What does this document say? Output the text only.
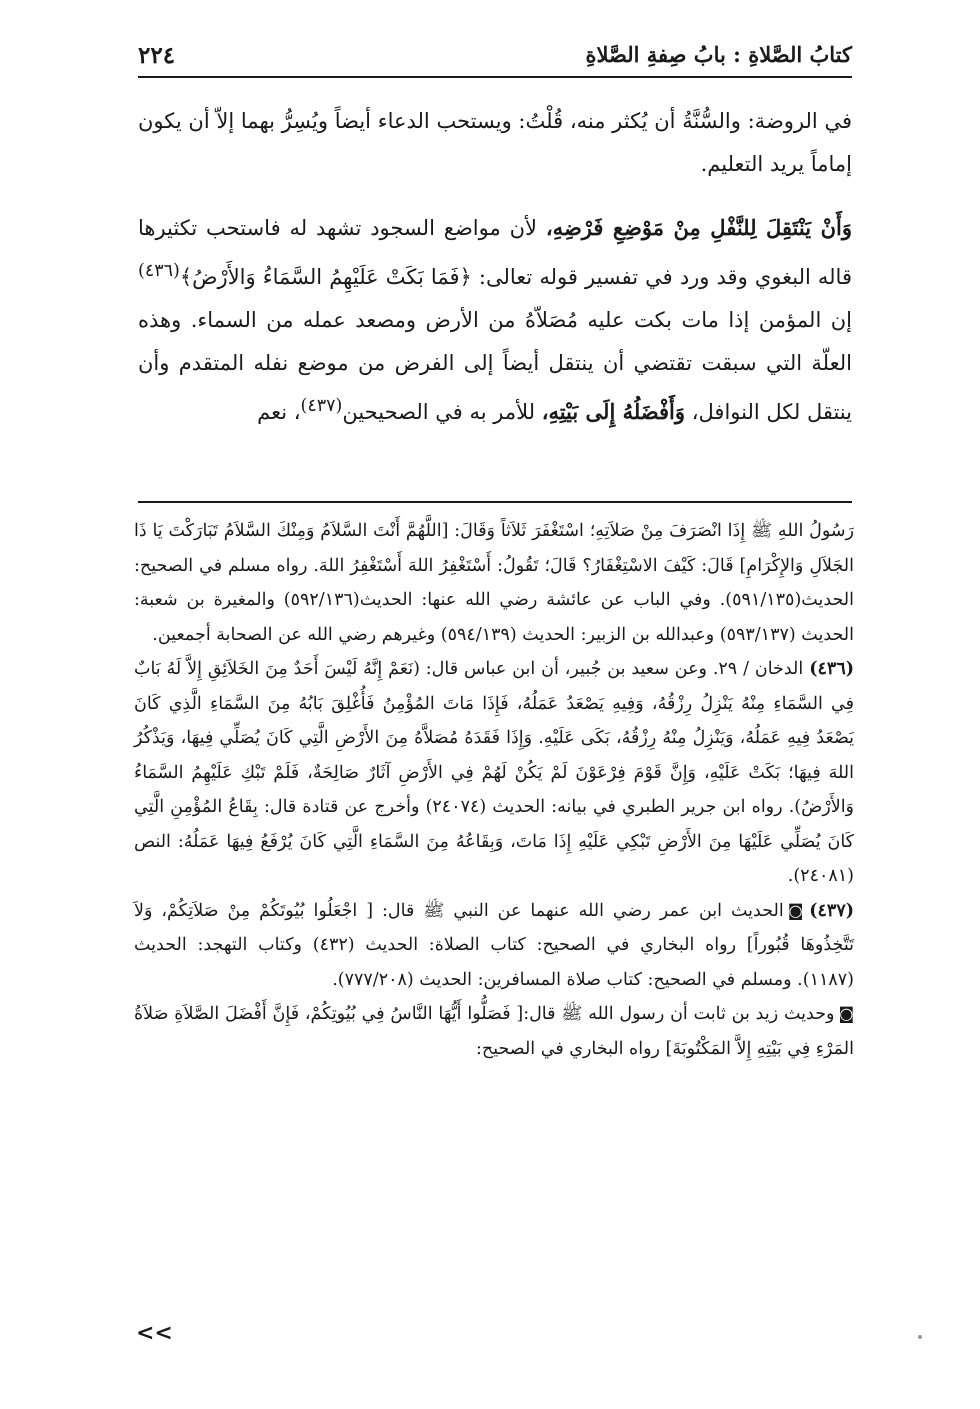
كتابُ الصَّلاةِ : بابُ صِفةِ الصَّلاةِ
٢٢٤

في الروضة: والسُّنَّةُ أن يُكثر منه، قُلْتُ: ويستحب الدعاء أيضاً ويُسِرُّ بهما إلاّ أن يكون إماماً يريد التعليم.

وَأَنْ يَنْتَقِلَ لِلنَّفْلِ مِنْ مَوْضِعِ فَرْضِهِ، لأن مواضع السجود تشهد له فاستحب تكثيرها قاله البغوي وقد ورد في تفسير قوله تعالى: ﴿فَمَا بَكَتْ عَلَيْهِمُ السَّمَاءُ وَالأَرْضُ﴾$^{(٤٣٦)}$ إن المؤمن إذا مات بكت عليه مُصَلاّهُ من الأرض ومصعد عمله من السماء. وهذه العلّة التي سبقت تقتضي أن ينتقل أيضاً إلى الفرض من موضع نفله المتقدم وأن ينتقل لكل النوافل، وَأَفْضَلُهُ إِلَى بَيْتِهِ، للأمر به في الصحيحين$^{(٤٣٧)}$، نعم

رَسُولُ اللهِ ﷺ إِذَا انْصَرَفَ مِنْ صَلاَتِهِ؛ اسْتَغْفَرَ ثَلاَثاً وَقَالَ: [اللَّهُمَّ أَنْتَ السَّلاَمُ وَمِنْكَ السَّلاَمُ تَبَارَكْتَ يَا ذَا الجَلاَلِ وَالإِكْرَامِ] قَالَ: كَيْفَ الاسْتِغْفَارُ؟ قَالَ؛ تَقُولُ: أَسْتَغْفِرُ اللهَ أَسْتَغْفِرُ اللهَ. رواه مسلم في الصحيح: الحديث(٥٩١/١٣٥). وفي الباب عن عائشة رضي الله عنها: الحديث(٥٩٢/١٣٦) والمغيرة بن شعبة: الحديث (٥٩٣/١٣٧) وعبدالله بن الزبير: الحديث (٥٩٤/١٣٩) وغيرهم رضي الله عن الصحابة أجمعين.

(٤٣٦)الدخان / ٢٩. وعن سعيد بن جُبير، أن ابن عباس قال: (نَعَمْ إِنَّهُ لَيْسَ أَحَدٌ مِنَ الخَلاَئِقِ إِلاَّ لَهُ بَابٌ فِي السَّمَاءِ مِنْهُ يَنْزِلُ رِزْقُهُ، وَفِيهِ يَصْعَدُ عَمَلُهُ، فَإِذَا مَاتَ المُؤْمِنُ فَأُغْلِقَ بَابُهُ مِنَ السَّمَاءِ الَّذِي كَانَ يَصْعَدُ فِيهِ عَمَلُهُ، وَيَنْزِلُ مِنْهُ رِزْقُهُ، بَكَى عَلَيْهِ. وَإِذَا فَقَدَهُ مُصَلاَّهُ مِنَ الأَرْضِ الَّتِي كَانَ يُصَلِّي فِيهَا، وَيَذْكُرُ اللهَ فِيهَا؛ بَكَتْ عَلَيْهِ، وَإِنَّ قَوْمَ فِرْعَوْنَ لَمْ يَكُنْ لَهُمْ فِي الأَرْضِ آثَارٌ صَالِحَةٌ، فَلَمْ تَبْكِ عَلَيْهِمُ السَّمَاءُ وَالأَرْضُ). رواه ابن جرير الطبري في بيانه: الحديث (٢٤٠٧٤) وأخرج عن قتادة قال: بِقَاعُ المُؤْمِنِ الَّتِي كَانَ يُصَلِّي عَلَيْهَا مِنَ الأَرْضِ تَبْكِي عَلَيْهِ إِذَا مَاتَ، وَبِقَاعُهُ مِنَ السَّمَاءِ الَّتِي كَانَ يُرْفَعُ فِيهَا عَمَلُهُ: النص (٢٤٠٨١).

(٤٣٧)◙الحديث ابن عمر رضي الله عنهما عن النبي ﷺ قال: [ اجْعَلُوا بُيُوتَكُمْ مِنْ صَلاَتِكُمْ، وَلاَ تَتَّخِذُوهَا قُبُوراً] رواه البخاري في الصحيح: كتاب الصلاة: الحديث (٤٣٢) وكتاب التهجد: الحديث (١١٨٧). ومسلم في الصحيح: كتاب صلاة المسافرين: الحديث (٧٧٧/٢٠٨).

◙وحديث زيد بن ثابت أن رسول الله ﷺ قال:[ فَصَلُّوا أَيُّهَا النَّاسُ فِي بُيُوتِكُمْ، فَإِنَّ أَفْضَلَ الصَّلاَةِ صَلاَةُ المَرْءِ فِي بَيْتِهِ إِلاَّ المَكْتُوبَةَ] رواه البخاري في الصحيح:

<<
